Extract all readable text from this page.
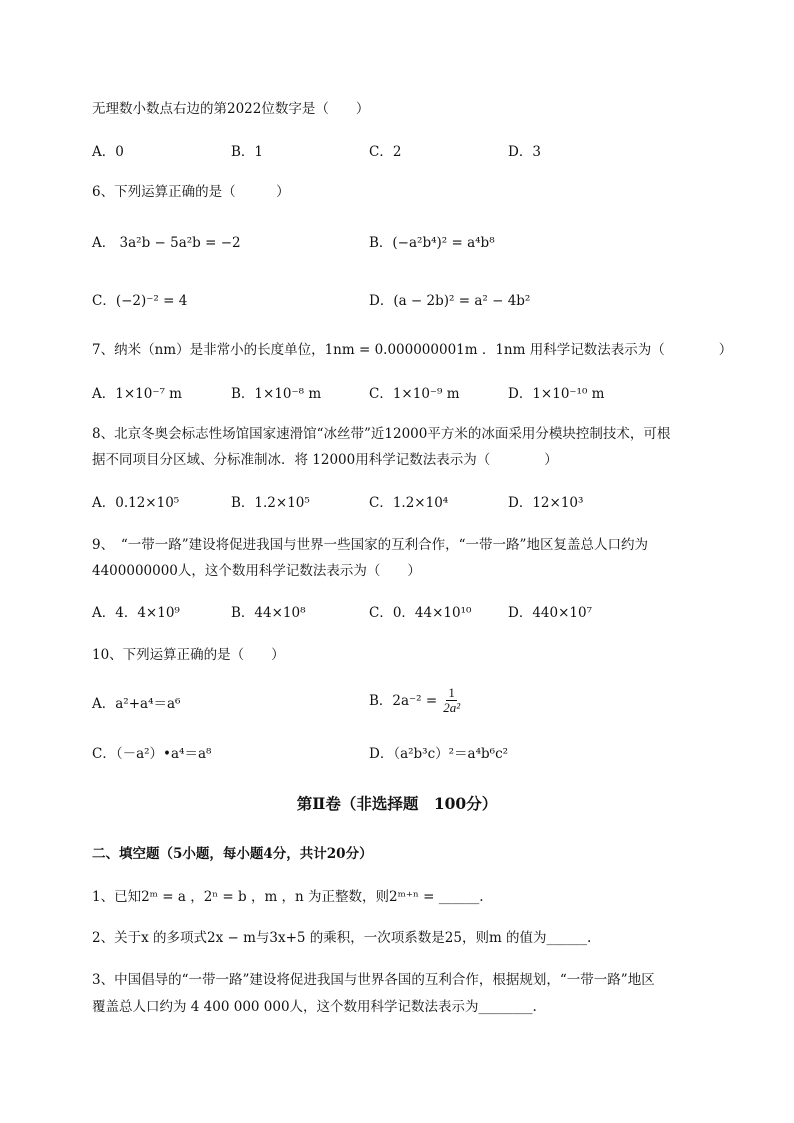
无理数小数点右边的第2022位数字是（　　）
A．0	B．1	C．2	D．3
6、下列运算正确的是（　　　）
A． 3a²b − 5a²b = −2	B．(−a²b⁴)² = a⁴b⁸
C．(−2)⁻² = 4	D．(a − 2b)² = a² − 4b²
7、纳米（nm）是非常小的长度单位，1nm = 0.000000001m ．1nm 用科学记数法表示为（　　　　）
A．1×10⁻⁷ m	B．1×10⁻⁸ m	C．1×10⁻⁹ m	D．1×10⁻¹⁰ m
8、北京冬奥会标志性场馆国家速滑馆“冰丝带”近12000平方米的冰面采用分模块控制技术，可根
据不同项目分区域、分标准制冰．将 12000用科学记数法表示为（　　　　）
A．0.12×10⁵	B．1.2×10⁵	C．1.2×10⁴	D．12×10³
9、　“一带一路”建设将促进我国与世界一些国家的互利合作，“一带一路”地区复盖总人口约为
4400000000人，这个数用科学记数法表示为（　　）
A．4．4×10⁹	B．44×10⁸	C．0．44×10¹⁰	D．440×10⁷
10、下列运算正确的是（　　）
A．a²+a⁴＝a⁶	B．$2a^{-2} = \frac{1}{\text{2a²}}$
C．（－a²）•a⁴＝a⁸	D．（a²b³c）²＝a⁴b⁶c²
第Ⅱ卷（非选择题　100分）
二、填空题（5小题，每小题4分，共计20分）
1、已知2ᵐ = a ，2ⁿ = b ，m ，n 为正整数，则2ᵐ⁺ⁿ = ______.
2、关于x 的多项式2x − m与3x+5 的乘积，一次项系数是25，则m 的值为______.
3、中国倡导的“一带一路”建设将促进我国与世界各国的互利合作，根据规划，“一带一路”地区
覆盖总人口约为 4 400 000 000人，这个数用科学记数法表示为________.
